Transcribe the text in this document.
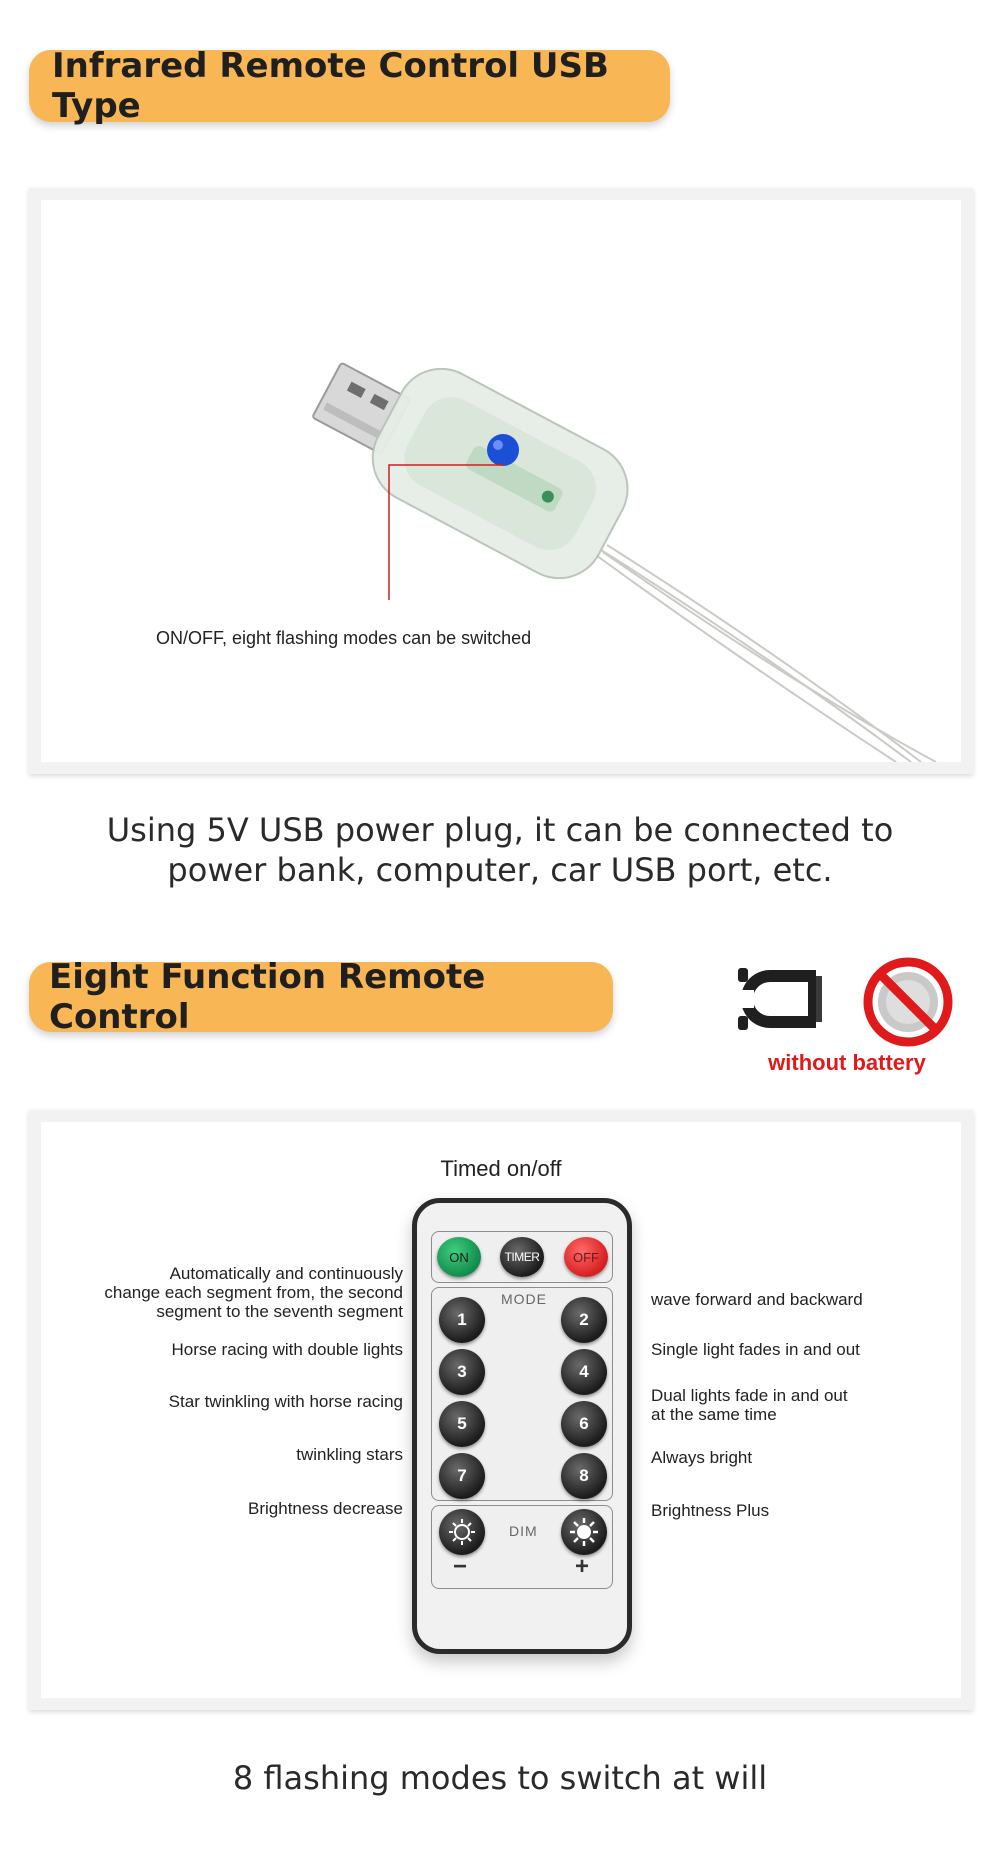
Infrared Remote Control USB Type
ON/OFF, eight flashing modes can be switched
Using 5V USB power plug, it can be connected to
power bank, computer, car USB port, etc.
Eight Function Remote Control
without battery
Timed on/off
Automatically and continuously
change each segment from, the second
segment to the seventh segment
Horse racing with double lights
Star twinkling with horse racing
twinkling stars
Brightness decrease
wave forward and backward
Single light fades in and out
Dual lights fade in and out
at the same time
Always bright
Brightness Plus
ON	TIMER	OFF
MODE
1	2
3	4
5	6
7	8
DIM
−	+
8 flashing modes to switch at will
